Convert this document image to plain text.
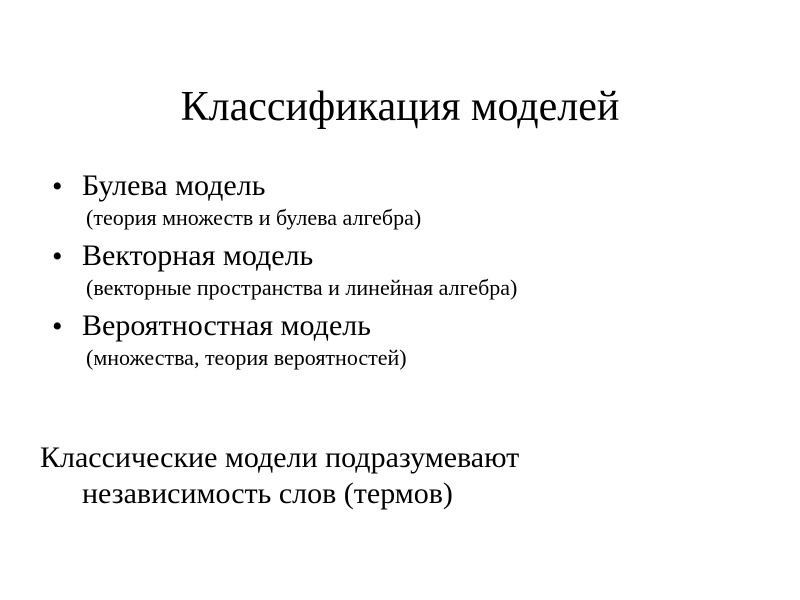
Классификация моделей
• Булева модель
(теория множеств и булева алгебра)
• Векторная модель
(векторные пространства и линейная алгебра)
• Вероятностная модель
(множества, теория вероятностей)

Классические модели подразумевают
независимость слов (термов)
